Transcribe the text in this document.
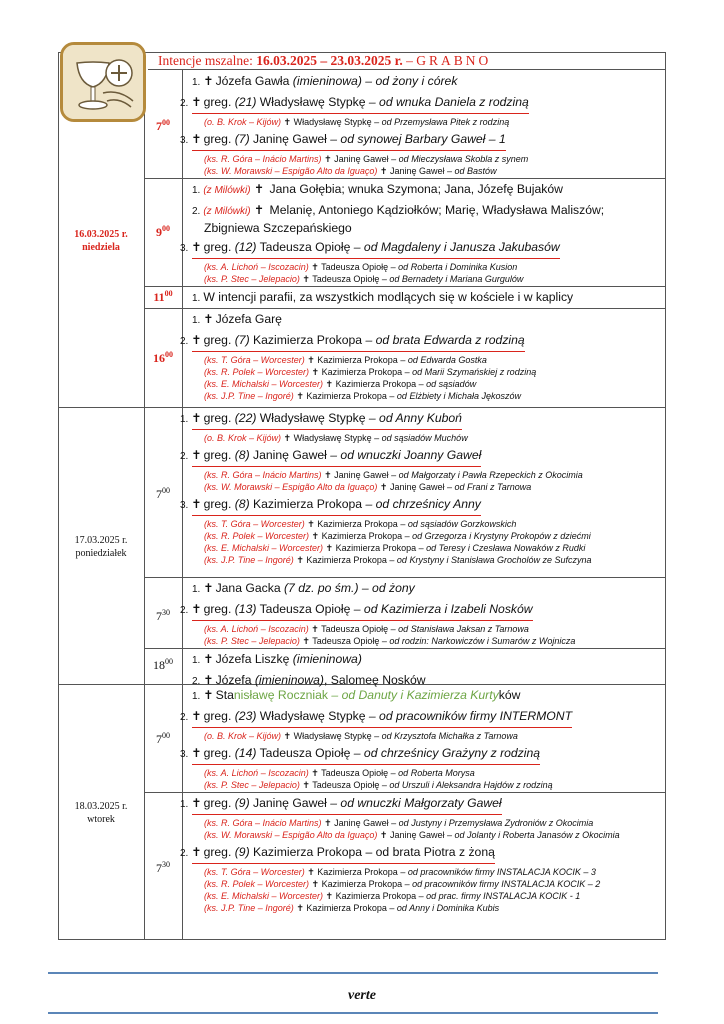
Intencje mszalne: 16.03.2025 – 23.03.2025 r. – GRABNO
16.03.2025 r.
niedziela
17.03.2025 r.
poniedziałek
18.03.2025 r.
wtorek
$7^{00}$
$9^{00}$
$11^{00}$
$16^{00}$
$7^{00}$
$7^{30}$
$18^{00}$
$7^{00}$
$7^{30}$
1. ✝ Józefa Gawła (imieninowa) – od żony i córek
2. ✝ greg. (21) Władysławę Stypkę – od wnuka Daniela z rodziną
(o. B. Krok – Kijów) ✝ Władysławę Stypkę – od Przemysława Pitek z rodziną
3. ✝ greg. (7) Janinę Gaweł – od synowej Barbary Gaweł – 1
(ks. R. Góra – Inácio Martins) ✝ Janinę Gaweł – od Mieczysława Skobla z synem
(ks. W. Morawski – Espigão Alto da Iguaço) ✝ Janinę Gaweł – od Bastów
1. (z Milówki) ✝ Jana Gołębia; wnuka Szymona; Jana, Józefę Bujaków
2. (z Milówki) ✝ Melanię, Antoniego Kądziołków; Marię, Władysława Maliszów; Zbigniewa Szczepańskiego
3. ✝ greg. (12) Tadeusza Opiołę – od Magdaleny i Janusza Jakubasów
(ks. A. Lichoń – Iscozacin) ✝ Tadeusza Opiołę – od Roberta i Dominika Kusion
(ks. P. Stec – Jelepacio) ✝ Tadeusza Opiołę – od Bernadety i Mariana Gurgulów
1. W intencji parafii, za wszystkich modlących się w kościele i w kaplicy
1. ✝ Józefa Garę
2. ✝ greg. (7) Kazimierza Prokopa – od brata Edwarda z rodziną
(ks. T. Góra – Worcester) ✝ Kazimierza Prokopa – od Edwarda Gostka
(ks. R. Polek – Worcester) ✝ Kazimierza Prokopa – od Marii Szymańskiej z rodziną
(ks. E. Michalski – Worcester) ✝ Kazimierza Prokopa – od sąsiadów
(ks. J.P. Tine – Ingoré) ✝ Kazimierza Prokopa – od Elżbiety i Michała Jękoszów
1. ✝ greg. (22) Władysławę Stypkę – od Anny Kuboń
(o. B. Krok – Kijów) ✝ Władysławę Stypkę – od sąsiadów Muchów
2. ✝ greg. (8) Janinę Gaweł – od wnuczki Joanny Gaweł
(ks. R. Góra – Inácio Martins) ✝ Janinę Gaweł – od Małgorzaty i Pawła Rzepeckich z Okocimia
(ks. W. Morawski – Espigão Alto da Iguaço) ✝ Janinę Gaweł – od Frani z Tarnowa
3. ✝ greg. (8) Kazimierza Prokopa – od chrześnicy Anny
(ks. T. Góra – Worcester) ✝ Kazimierza Prokopa – od sąsiadów Gorzkowskich
(ks. R. Polek – Worcester) ✝ Kazimierza Prokopa – od Grzegorza i Krystyny Prokopów z dziećmi
(ks. E. Michalski – Worcester) ✝ Kazimierza Prokopa – od Teresy i Czesława Nowaków z Rudki
(ks. J.P. Tine – Ingoré) ✝ Kazimierza Prokopa – od Krystyny i Stanisława Grocholów ze Sufczyna
1. ✝ Jana Gacka (7 dz. po śm.) – od żony
2. ✝ greg. (13) Tadeusza Opiołę – od Kazimierza i Izabeli Nosków
(ks. A. Lichoń – Iscozacin) ✝ Tadeusza Opiołę – od Stanisława Jaksan z Tarnowa
(ks. P. Stec – Jelepacio) ✝ Tadeusza Opiołę – od rodzin: Narkowiczów i Sumarów z Wojnicza
1. ✝ Józefa Liszkę (imieninowa)
2. ✝ Józefa (imieninowa), Salomeę Nosków
1. ✝ Stanisławę Roczniak – od Danuty i Kazimierza Kurtyków
2. ✝ greg. (23) Władysławę Stypkę – od pracowników firmy INTERMONT
(o. B. Krok – Kijów) ✝ Władysławę Stypkę – od Krzysztofa Michałka z Tarnowa
3. ✝ greg. (14) Tadeusza Opiołę – od chrześnicy Grażyny z rodziną
(ks. A. Lichoń – Iscozacin) ✝ Tadeusza Opiołę – od Roberta Morysa
(ks. P. Stec – Jelepacio) ✝ Tadeusza Opiołę – od Urszuli i Aleksandra Hajdów z rodziną
1. ✝ greg. (9) Janinę Gaweł – od wnuczki Małgorzaty Gaweł
(ks. R. Góra – Inácio Martins) ✝ Janinę Gaweł – od Justyny i Przemysława Zydroniów z Okocimia
(ks. W. Morawski – Espigão Alto da Iguaço) ✝ Janinę Gaweł – od Jolanty i Roberta Janasów z Okocimia
2. ✝ greg. (9) Kazimierza Prokopa – od brata Piotra z żoną
(ks. T. Góra – Worcester) ✝ Kazimierza Prokopa – od pracowników firmy INSTALACJA KOCIK – 3
(ks. R. Polek – Worcester) ✝ Kazimierza Prokopa – od pracowników firmy INSTALACJA KOCIK – 2
(ks. E. Michalski – Worcester) ✝ Kazimierza Prokopa – od prac. firmy INSTALACJA KOCIK - 1
(ks. J.P. Tine – Ingoré) ✝ Kazimierza Prokopa – od Anny i Dominika Kubis
verte
